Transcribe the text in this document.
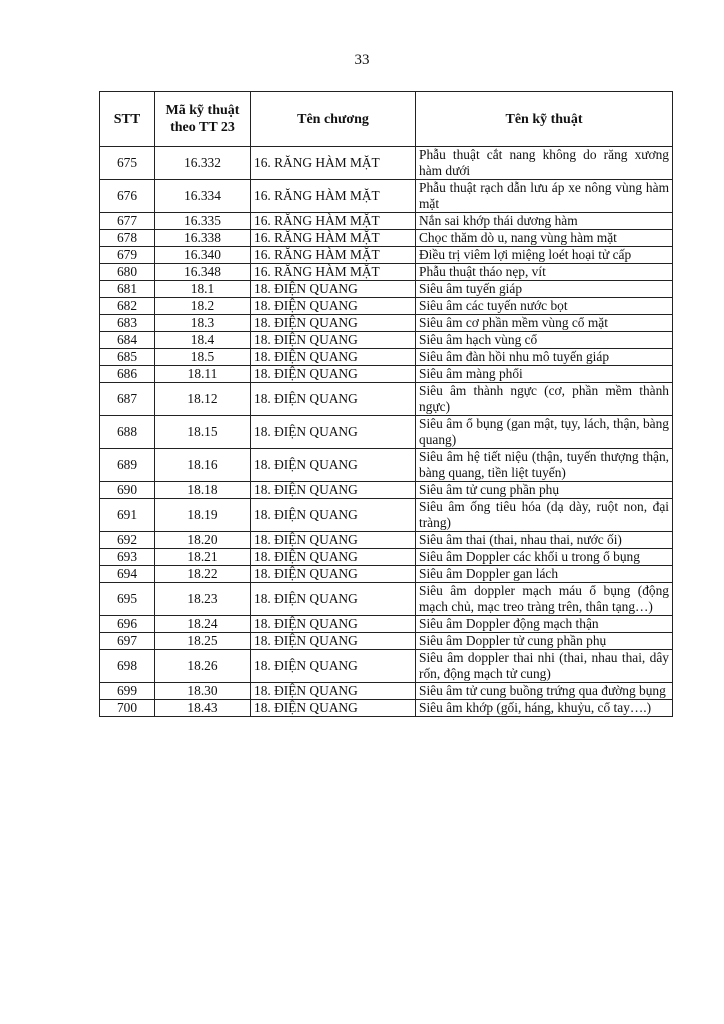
33
STT	Mã kỹ thuật theo TT 23	Tên chương	Tên kỹ thuật
675	16.332	16. RĂNG HÀM MẶT	Phẫu thuật cắt nang không do răng xương hàm dưới
676	16.334	16. RĂNG HÀM MẶT	Phẫu thuật rạch dẫn lưu áp xe nông vùng hàm mặt
677	16.335	16. RĂNG HÀM MẶT	Nắn sai khớp thái dương hàm
678	16.338	16. RĂNG HÀM MẶT	Chọc thăm dò u, nang vùng hàm mặt
679	16.340	16. RĂNG HÀM MẶT	Điều trị viêm lợi miệng loét hoại tử cấp
680	16.348	16. RĂNG HÀM MẶT	Phẫu thuật tháo nẹp, vít
681	18.1	18. ĐIỆN QUANG	Siêu âm tuyến giáp
682	18.2	18. ĐIỆN QUANG	Siêu âm các tuyến nước bọt
683	18.3	18. ĐIỆN QUANG	Siêu âm cơ phần mềm vùng cổ mặt
684	18.4	18. ĐIỆN QUANG	Siêu âm hạch vùng cổ
685	18.5	18. ĐIỆN QUANG	Siêu âm đàn hồi nhu mô tuyến giáp
686	18.11	18. ĐIỆN QUANG	Siêu âm màng phổi
687	18.12	18. ĐIỆN QUANG	Siêu âm thành ngực (cơ, phần mềm thành ngực)
688	18.15	18. ĐIỆN QUANG	Siêu âm ổ bụng (gan mật, tụy, lách, thận, bàng quang)
689	18.16	18. ĐIỆN QUANG	Siêu âm hệ tiết niệu (thận, tuyến thượng thận, bàng quang, tiền liệt tuyến)
690	18.18	18. ĐIỆN QUANG	Siêu âm tử cung phần phụ
691	18.19	18. ĐIỆN QUANG	Siêu âm ống tiêu hóa (dạ dày, ruột non, đại tràng)
692	18.20	18. ĐIỆN QUANG	Siêu âm thai (thai, nhau thai, nước ối)
693	18.21	18. ĐIỆN QUANG	Siêu âm Doppler các khối u trong ổ bụng
694	18.22	18. ĐIỆN QUANG	Siêu âm Doppler gan lách
695	18.23	18. ĐIỆN QUANG	Siêu âm doppler mạch máu ổ bụng (động mạch chủ, mạc treo tràng trên, thân tạng…)
696	18.24	18. ĐIỆN QUANG	Siêu âm Doppler động mạch thận
697	18.25	18. ĐIỆN QUANG	Siêu âm Doppler tử cung phần phụ
698	18.26	18. ĐIỆN QUANG	Siêu âm doppler thai nhi (thai, nhau thai, dây rốn, động mạch tử cung)
699	18.30	18. ĐIỆN QUANG	Siêu âm tử cung buồng trứng qua đường bụng
700	18.43	18. ĐIỆN QUANG	Siêu âm khớp (gối, háng, khuỷu, cổ tay….)
